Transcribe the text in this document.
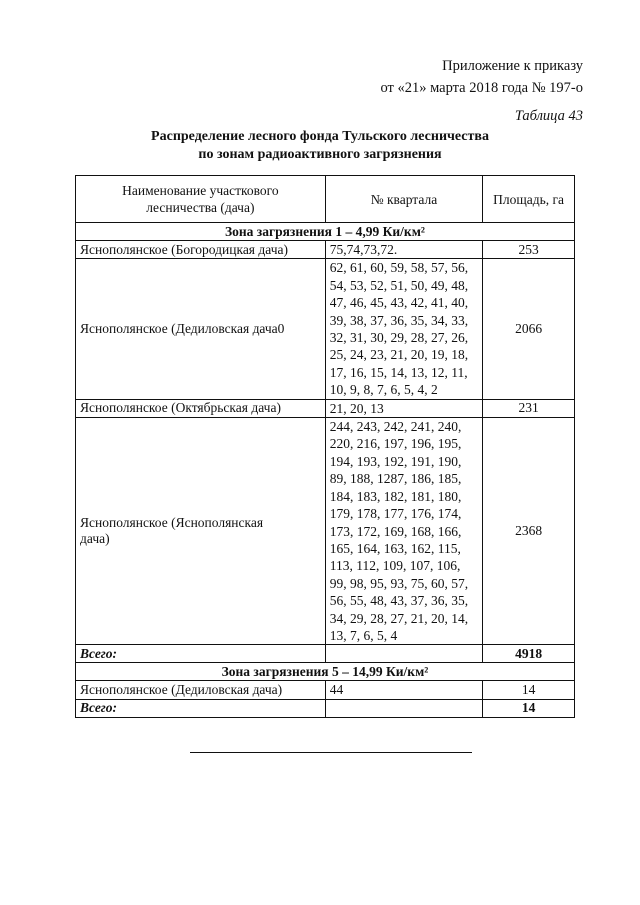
Приложение к приказу
от «21» марта 2018 года № 197-о
Таблица 43
Распределение лесного фонда Тульского лесничества
по зонам радиоактивного загрязнения
Наименование участкового лесничества (дача)	№ квартала	Площадь, га
Зона загрязнения 1 – 4,99 Ки/км²		
Яснополянское (Богородицкая дача)	75,74,73,72.	253
Яснополянское (Дедиловская дача0	62, 61, 60, 59, 58, 57, 56, 54, 53, 52, 51, 50, 49, 48, 47, 46, 45, 43, 42, 41, 40, 39, 38, 37, 36, 35, 34, 33, 32, 31, 30, 29, 28, 27, 26, 25, 24, 23, 21, 20, 19, 18, 17, 16, 15, 14, 13, 12, 11, 10, 9, 8, 7, 6, 5, 4, 2	2066
Яснополянское (Октябрьская дача)	21, 20, 13	231

Яснополянское (Яснополянская дача)	244, 243, 242, 241, 240, 220, 216, 197, 196, 195, 194, 193, 192, 191, 190, 89, 188, 1287, 186, 185, 184, 183, 182, 181, 180, 179, 178, 177, 176, 174, 173, 172, 169, 168, 166, 165, 164, 163, 162, 115, 113, 112, 109, 107, 106, 99, 98, 95, 93, 75, 60, 57, 56, 55, 48, 43, 37, 36, 35, 34, 29, 28, 27, 21, 20, 14, 13, 7, 6, 5, 4	2368
Всего:		4918
Зона загрязнения 5 – 14,99 Ки/км²		
Яснополянское (Дедиловская дача)	44	14
Всего:		14
